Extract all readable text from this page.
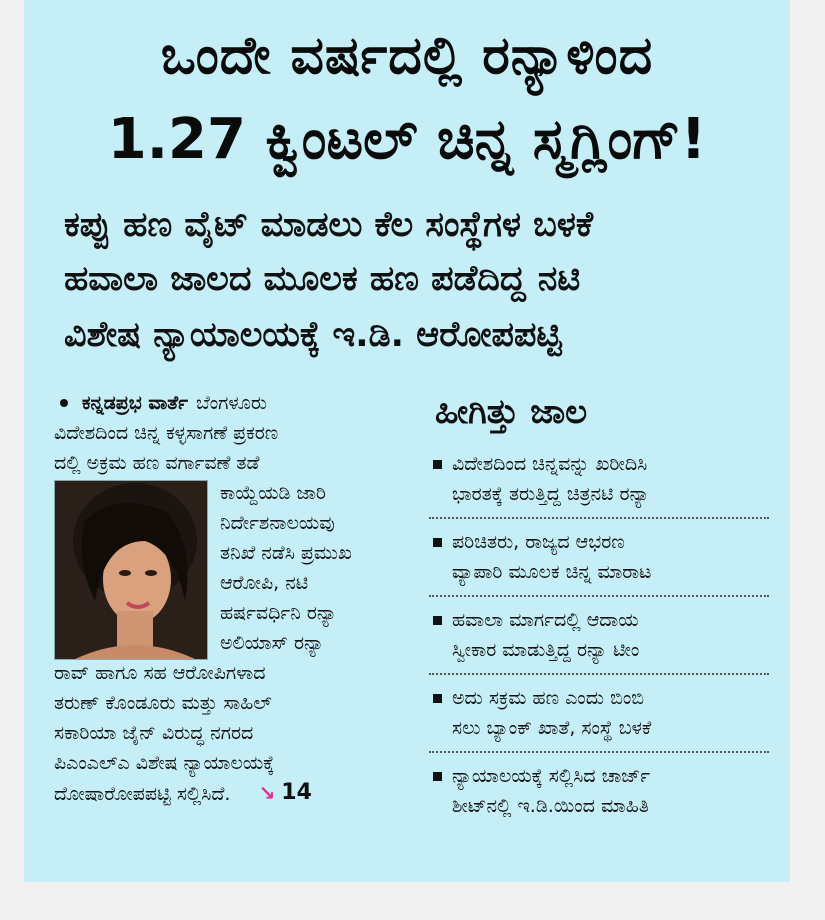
ಒಂದೇ ವರ್ಷದಲ್ಲಿ ರನ್ಯಾಳಿಂದ
1.27 ಕ್ವಿಂಟಲ್ ಚಿನ್ನ ಸ್ಮಗ್ಲಿಂಗ್!

ಕಪ್ಪು ಹಣ ವೈಟ್ ಮಾಡಲು ಕೆಲ ಸಂಸ್ಥೆಗಳ ಬಳಕೆ

ಹವಾಲಾ ಜಾಲದ ಮೂಲಕ ಹಣ ಪಡೆದಿದ್ದ ನಟಿ

ವಿಶೇಷ ನ್ಯಾಯಾಲಯಕ್ಕೆ ಇ.ಡಿ. ಆರೋಪಪಟ್ಟಿ

ಕನ್ನಡಪ್ರಭ ವಾರ್ತೆ ಬೆಂಗಳೂರು

ವಿದೇಶದಿಂದ ಚಿನ್ನ ಕಳ್ಳಸಾಗಣೆ ಪ್ರಕರಣ

ದಲ್ಲಿ ಅಕ್ರಮ ಹಣ ವರ್ಗಾವಣೆ ತಡೆ

ಕಾಯ್ದೆಯಡಿ ಜಾರಿ

ನಿರ್ದೇಶನಾಲಯವು

ತನಿಖೆ ನಡೆಸಿ ಪ್ರಮುಖ

ಆರೋಪಿ, ನಟಿ

ಹರ್ಷವರ್ಧಿನಿ ರನ್ಯಾ

ಅಲಿಯಾಸ್ ರನ್ಯಾ

ರಾವ್ ಹಾಗೂ ಸಹ ಆರೋಪಿಗಳಾದ

ತರುಣ್ ಕೊಂಡೂರು ಮತ್ತು ಸಾಹಿಲ್

ಸಕಾರಿಯಾ ಜೈನ್ ವಿರುದ್ಧ ನಗರದ

ಪಿಎಂಎಲ್‌ಎ ವಿಶೇಷ ನ್ಯಾಯಾಲಯಕ್ಕೆ

ದೋಷಾರೋಪಪಟ್ಟಿ ಸಲ್ಲಿಸಿದೆ. ↘ 14

ಹೀಗಿತ್ತು ಜಾಲ
ವಿದೇಶದಿಂದ ಚಿನ್ನವನ್ನು ಖರೀದಿಸಿ
ಭಾರತಕ್ಕೆ ತರುತ್ತಿದ್ದ ಚಿತ್ರನಟಿ ರನ್ಯಾ
ಪರಿಚಿತರು, ರಾಜ್ಯದ ಆಭರಣ
ವ್ಯಾಪಾರಿ ಮೂಲಕ ಚಿನ್ನ ಮಾರಾಟ
ಹವಾಲಾ ಮಾರ್ಗದಲ್ಲಿ ಆದಾಯ
ಸ್ವೀಕಾರ ಮಾಡುತ್ತಿದ್ದ ರನ್ಯಾ ಟೀಂ
ಅದು ಸಕ್ರಮ ಹಣ ಎಂದು ಬಿಂಬಿ
ಸಲು ಬ್ಯಾಂಕ್ ಖಾತೆ, ಸಂಸ್ಥೆ ಬಳಕೆ
ನ್ಯಾಯಾಲಯಕ್ಕೆ ಸಲ್ಲಿಸಿದ ಚಾರ್ಜ್
ಶೀಟ್‌ನಲ್ಲಿ ಇ.ಡಿ.ಯಿಂದ ಮಾಹಿತಿ
